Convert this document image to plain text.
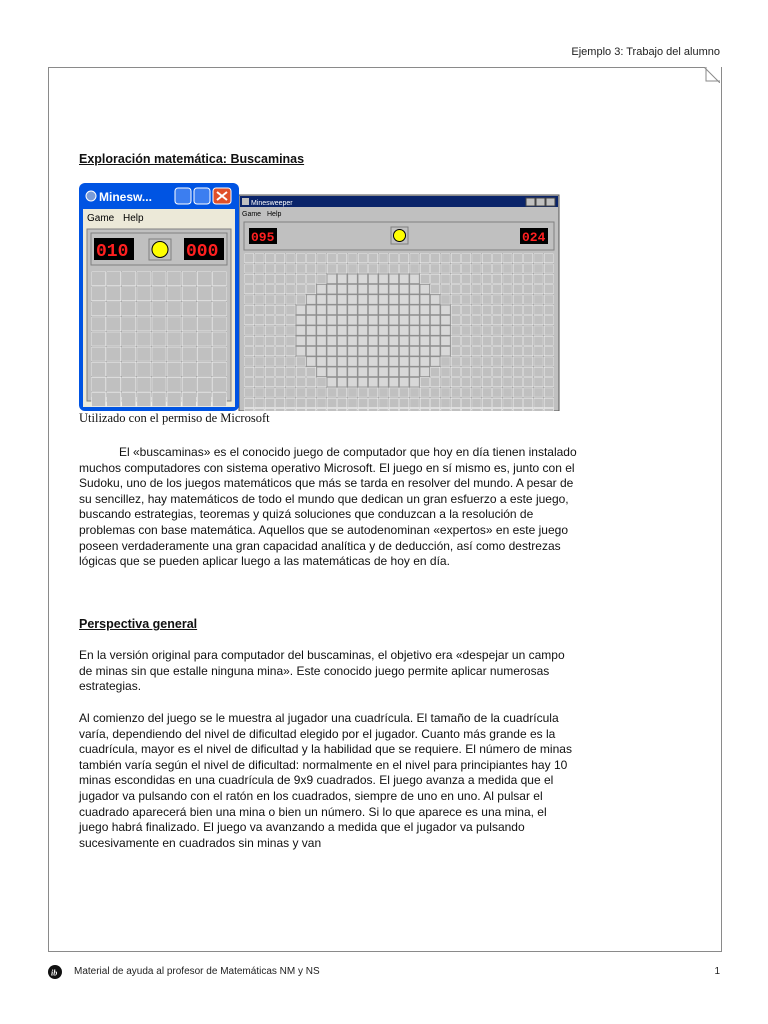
Ejemplo 3: Trabajo del alumno
Exploración matemática: Buscaminas
Minesweeper
Game Help
095	024
Minesw...
Game Help
010	000
Utilizado con el permiso de Microsoft

El «buscaminas» es el conocido juego de computador que hoy en día tienen instalado muchos computadores con sistema operativo Microsoft. El juego en sí mismo es, junto con el Sudoku, uno de los juegos matemáticos que más se tarda en resolver del mundo. A pesar de su sencillez, hay matemáticos de todo el mundo que dedican un gran esfuerzo a este juego, buscando estrategias, teoremas y quizá soluciones que conduzcan a la resolución de problemas con base matemática. Aquellos que se autodenominan «expertos» en este juego poseen verdaderamente una gran capacidad analítica y de deducción, así como destrezas lógicas que se pueden aplicar luego a las matemáticas de hoy en día.

Perspectiva general

En la versión original para computador del buscaminas, el objetivo era «despejar un campo de minas sin que estalle ninguna mina». Este conocido juego permite aplicar numerosas estrategias.

Al comienzo del juego se le muestra al jugador una cuadrícula. El tamaño de la cuadrícula varía, dependiendo del nivel de dificultad elegido por el jugador. Cuanto más grande es la cuadrícula, mayor es el nivel de dificultad y la habilidad que se requiere. El número de minas también varía según el nivel de dificultad: normalmente en el nivel para principiantes hay 10 minas escondidas en una cuadrícula de 9x9 cuadrados. El juego avanza a medida que el jugador va pulsando con el ratón en los cuadrados, siempre de uno en uno. Al pulsar el cuadrado aparecerá bien una mina o bien un número. Si lo que aparece es una mina, el juego habrá finalizado. El juego va avanzando a medida que el jugador va pulsando sucesivamente en cuadrados sin minas y van

ib Material de ayuda al profesor de Matemáticas NM y NS	1
